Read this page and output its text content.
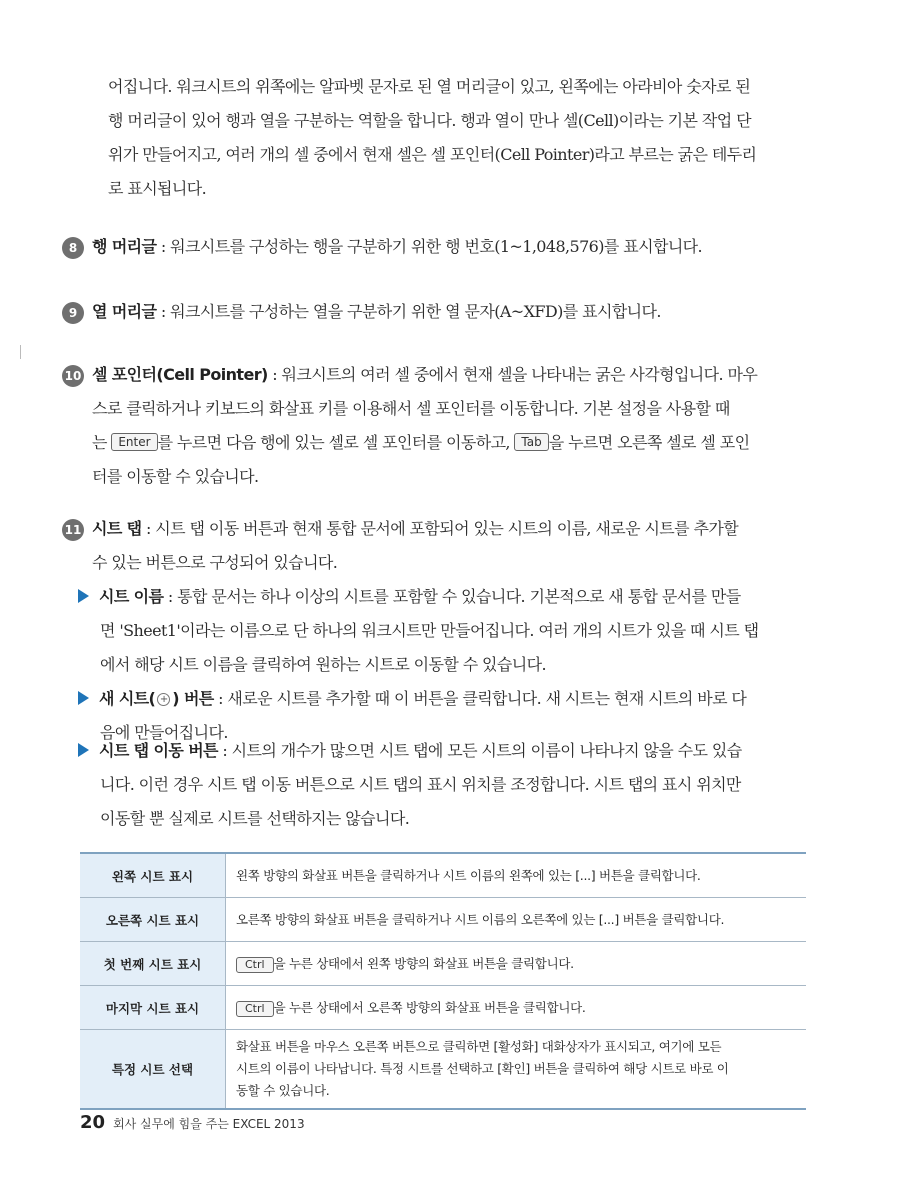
어집니다. 워크시트의 위쪽에는 알파벳 문자로 된 열 머리글이 있고, 왼쪽에는 아라비아 숫자로 된
행 머리글이 있어 행과 열을 구분하는 역할을 합니다. 행과 열이 만나 셀(Cell)이라는 기본 작업 단
위가 만들어지고, 여러 개의 셀 중에서 현재 셀은 셀 포인터(Cell Pointer)라고 부르는 굵은 테두리
로 표시됩니다.
8 행 머리글 : 워크시트를 구성하는 행을 구분하기 위한 행 번호(1~1,048,576)를 표시합니다.
9 열 머리글 : 워크시트를 구성하는 열을 구분하기 위한 열 문자(A~XFD)를 표시합니다.
10 셀 포인터(Cell Pointer) : 워크시트의 여러 셀 중에서 현재 셀을 나타내는 굵은 사각형입니다. 마우
스로 클릭하거나 키보드의 화살표 키를 이용해서 셀 포인터를 이동합니다. 기본 설정을 사용할 때
는 Enter 를 누르면 다음 행에 있는 셀로 셀 포인터를 이동하고, Tab 을 누르면 오른쪽 셀로 셀 포인
터를 이동할 수 있습니다.
11 시트 탭 : 시트 탭 이동 버튼과 현재 통합 문서에 포함되어 있는 시트의 이름, 새로운 시트를 추가할
수 있는 버튼으로 구성되어 있습니다.
시트 이름 : 통합 문서는 하나 이상의 시트를 포함할 수 있습니다. 기본적으로 새 통합 문서를 만들
면 'Sheet1'이라는 이름으로 단 하나의 워크시트만 만들어집니다. 여러 개의 시트가 있을 때 시트 탭
에서 해당 시트 이름을 클릭하여 원하는 시트로 이동할 수 있습니다.
새 시트( + ) 버튼 : 새로운 시트를 추가할 때 이 버튼을 클릭합니다. 새 시트는 현재 시트의 바로 다
음에 만들어집니다.
시트 탭 이동 버튼 : 시트의 개수가 많으면 시트 탭에 모든 시트의 이름이 나타나지 않을 수도 있습
니다. 이런 경우 시트 탭 이동 버튼으로 시트 탭의 표시 위치를 조정합니다. 시트 탭의 표시 위치만
이동할 뿐 실제로 시트를 선택하지는 않습니다.
왼쪽 시트 표시	왼쪽 방향의 화살표 버튼을 클릭하거나 시트 이름의 왼쪽에 있는 [...] 버튼을 클릭합니다.
오른쪽 시트 표시	오른쪽 방향의 화살표 버튼을 클릭하거나 시트 이름의 오른쪽에 있는 [...] 버튼을 클릭합니다.
첫 번째 시트 표시	Ctrl 을 누른 상태에서 왼쪽 방향의 화살표 버튼을 클릭합니다.
마지막 시트 표시	Ctrl 을 누른 상태에서 오른쪽 방향의 화살표 버튼을 클릭합니다.
특정 시트 선택	화살표 버튼을 마우스 오른쪽 버튼으로 클릭하면 [활성화] 대화상자가 표시되고, 여기에 모든
시트의 이름이 나타납니다. 특정 시트를 선택하고 [확인] 버튼을 클릭하여 해당 시트로 바로 이
동할 수 있습니다.
20 회사 실무에 힘을 주는 EXCEL 2013
